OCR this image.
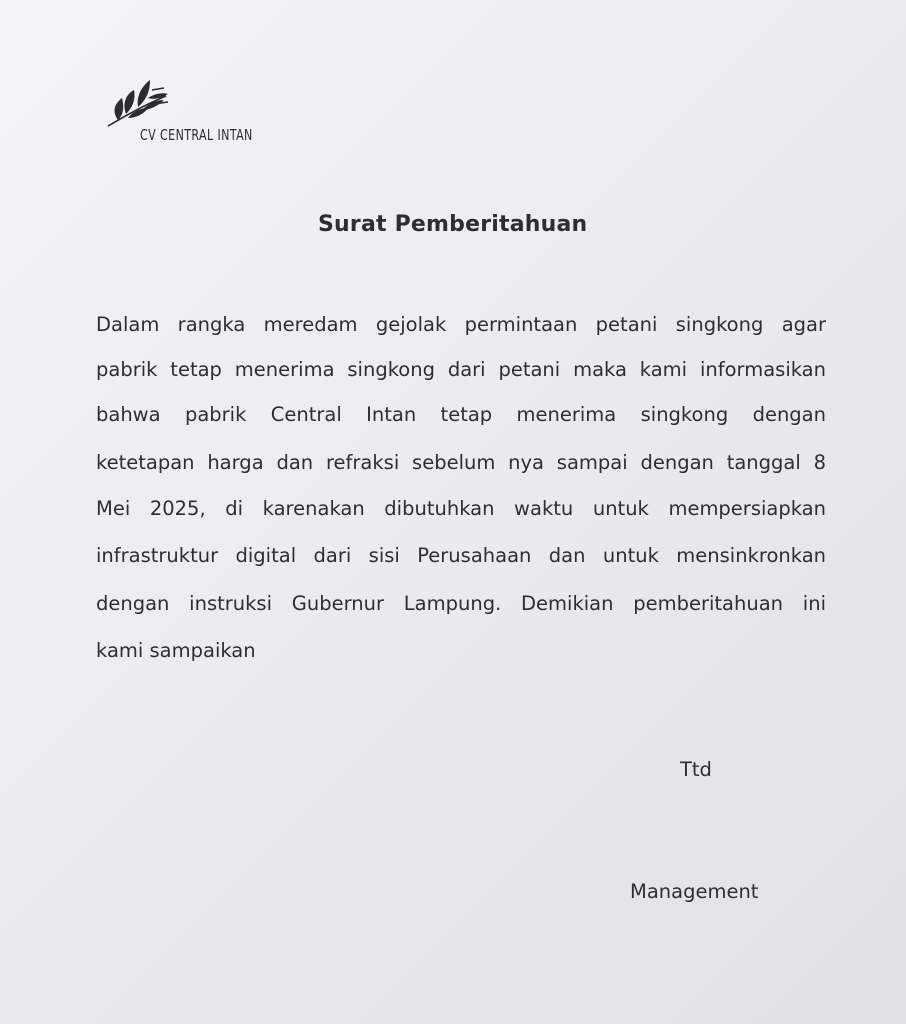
CV CENTRAL INTAN
Surat Pemberitahuan
Dalam rangka meredam gejolak permintaan petani singkong agar
pabrik tetap menerima singkong dari petani maka kami informasikan
bahwa pabrik Central Intan tetap menerima singkong dengan
ketetapan harga dan refraksi sebelum nya sampai dengan tanggal 8
Mei 2025, di karenakan dibutuhkan waktu untuk mempersiapkan
infrastruktur digital dari sisi Perusahaan dan untuk mensinkronkan
dengan instruksi Gubernur Lampung. Demikian pemberitahuan ini
kami sampaikan
Ttd
Management
